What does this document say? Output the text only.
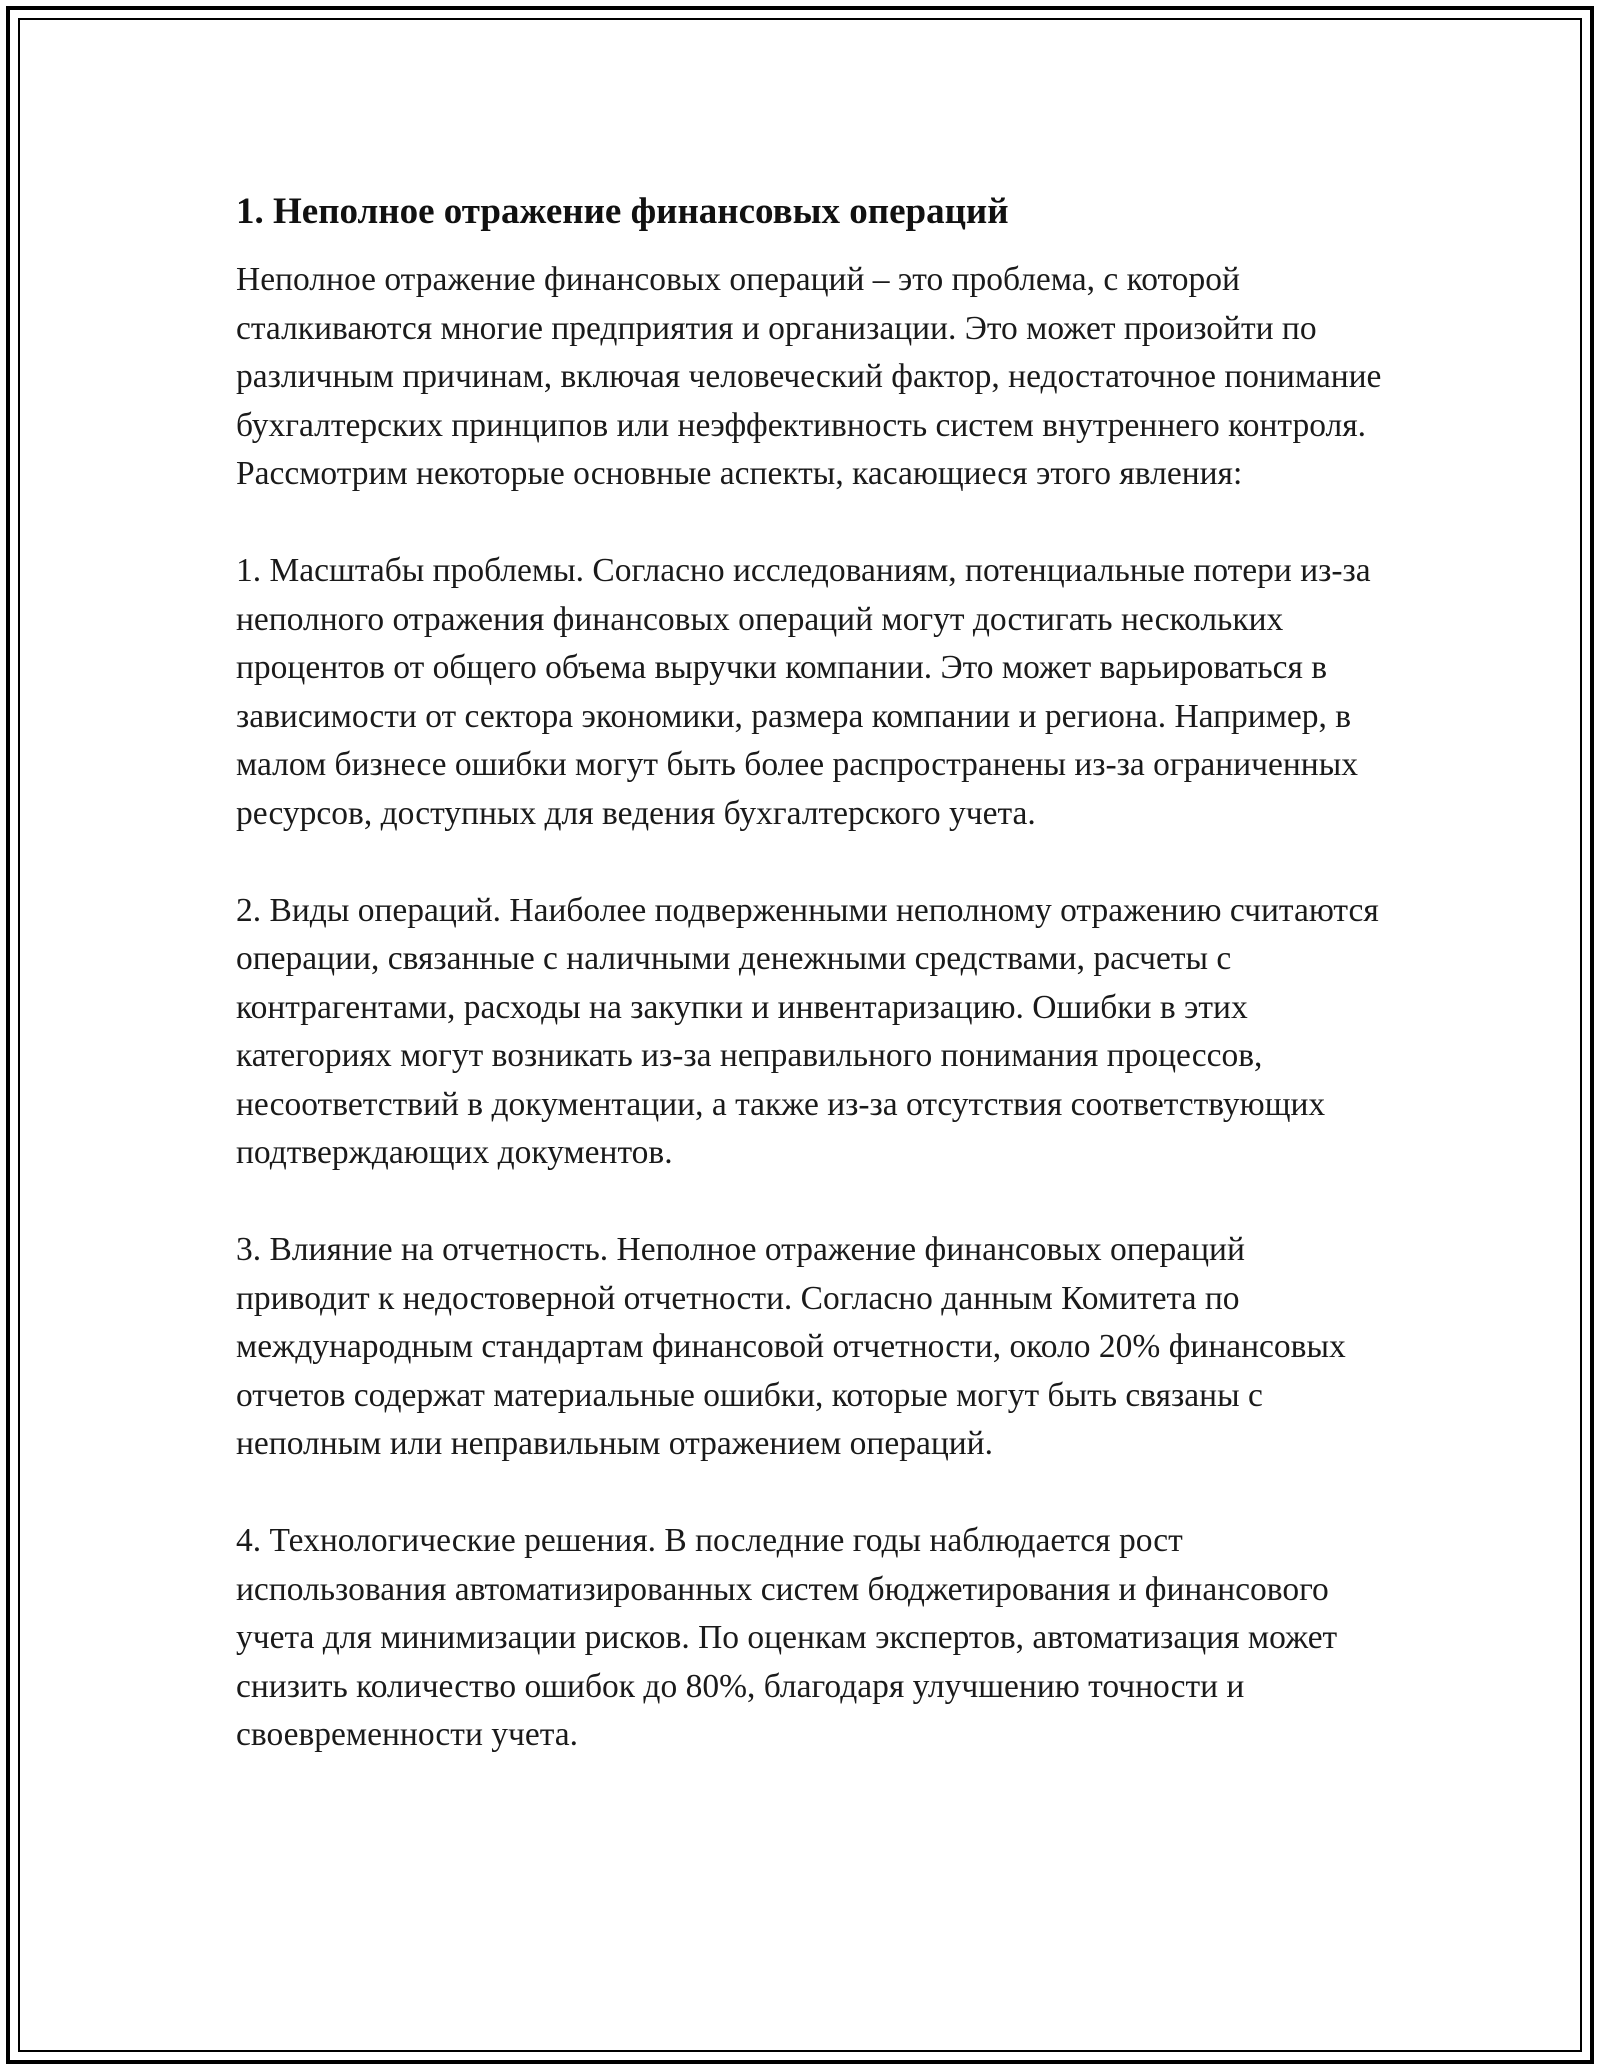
1. Неполное отражение финансовых операций

Неполное отражение финансовых операций – это проблема, с которой сталкиваются многие предприятия и организации. Это может произойти по различным причинам, включая человеческий фактор, недостаточное понимание бухгалтерских принципов или неэффективность систем внутреннего контроля. Рассмотрим некоторые основные аспекты, касающиеся этого явления:

1. Масштабы проблемы. Согласно исследованиям, потенциальные потери из-за неполного отражения финансовых операций могут достигать нескольких процентов от общего объема выручки компании. Это может варьироваться в зависимости от сектора экономики, размера компании и региона. Например, в малом бизнесе ошибки могут быть более распространены из-за ограниченных ресурсов, доступных для ведения бухгалтерского учета.

2. Виды операций. Наиболее подверженными неполному отражению считаются операции, связанные с наличными денежными средствами, расчеты с контрагентами, расходы на закупки и инвентаризацию. Ошибки в этих категориях могут возникать из-за неправильного понимания процессов, несоответствий в документации, а также из-за отсутствия соответствующих подтверждающих документов.

3. Влияние на отчетность. Неполное отражение финансовых операций приводит к недостоверной отчетности. Согласно данным Комитета по международным стандартам финансовой отчетности, около 20% финансовых отчетов содержат материальные ошибки, которые могут быть связаны с неполным или неправильным отражением операций.

4. Технологические решения. В последние годы наблюдается рост использования автоматизированных систем бюджетирования и финансового учета для минимизации рисков. По оценкам экспертов, автоматизация может снизить количество ошибок до 80%, благодаря улучшению точности и своевременности учета.
